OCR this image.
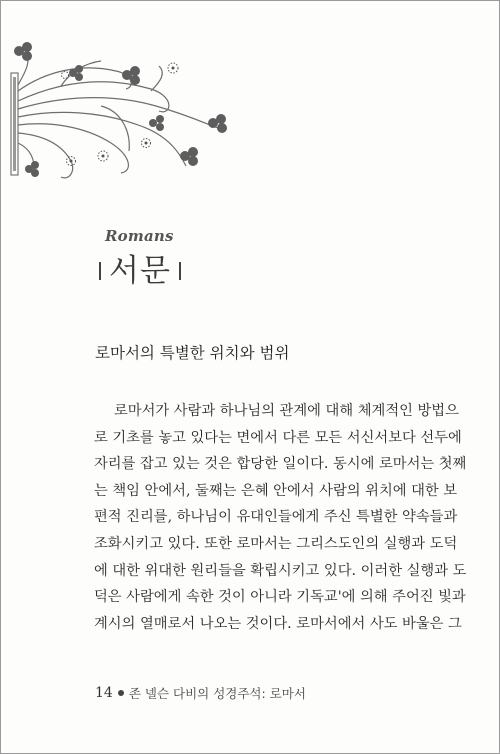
Romans
서문
로마서의 특별한 위치와 범위
로마서가 사람과 하나님의 관계에 대해 체계적인 방법으
로 기초를 놓고 있다는 면에서 다른 모든 서신서보다 선두에
자리를 잡고 있는 것은 합당한 일이다. 동시에 로마서는 첫째
는 책임 안에서, 둘째는 은혜 안에서 사람의 위치에 대한 보
편적 진리를, 하나님이 유대인들에게 주신 특별한 약속들과
조화시키고 있다. 또한 로마서는 그리스도인의 실행과 도덕
에 대한 위대한 원리들을 확립시키고 있다. 이러한 실행과 도
덕은 사람에게 속한 것이 아니라 기독교'에 의해 주어진 빛과
계시의 열매로서 나오는 것이다. 로마서에서 사도 바울은 그
14 존 넬슨 다비의 성경주석: 로마서
